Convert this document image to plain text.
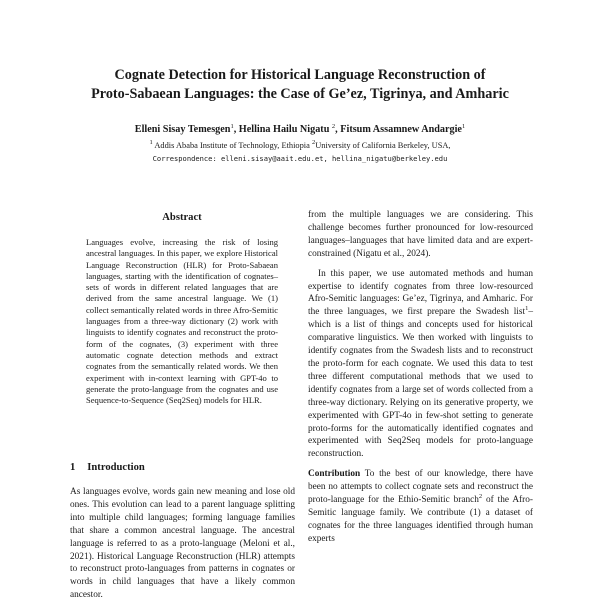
Cognate Detection for Historical Language Reconstruction of
Proto-Sabaean Languages: the Case of Ge’ez, Tigrinya, and Amharic
Elleni Sisay Temesgen$^1$, Hellina Hailu Nigatu $^2$, Fitsum Assamnew Andargie$^1$
$^1$ Addis Ababa Institute of Technology, Ethiopia $^2$University of California Berkeley, USA,
Correspondence: elleni.sisay@aait.edu.et, hellina_nigatu@berkeley.edu
Abstract

Languages evolve, increasing the risk of losing ancestral languages. In this paper, we explore Historical Language Reconstruction (HLR) for Proto-Sabaean languages, starting with the identification of cognates–sets of words in different related languages that are derived from the same ancestral language. We (1) collect semantically related words in three Afro-Semitic languages from a three-way dictionary (2) work with linguists to identify cognates and reconstruct the proto-form of the cognates, (3) experiment with three automatic cognate detection methods and extract cognates from the semantically related words. We then experiment with in-context learning with GPT-4o to generate the proto-language from the cognates and use Sequence-to-Sequence (Seq2Seq) models for HLR.

1 Introduction

As languages evolve, words gain new meaning and lose old ones. This evolution can lead to a parent language splitting into multiple child languages; forming language families that share a common ancestral language. The ancestral language is referred to as a proto-language (Meloni et al., 2021). Historical Language Reconstruction (HLR) attempts to reconstruct proto-languages from patterns in cognates or words in child languages that have a likely common ancestor.

from the multiple languages we are considering. This challenge becomes further pronounced for low-resourced languages–languages that have limited data and are expert-constrained (Nigatu et al., 2024).

In this paper, we use automated methods and human expertise to identify cognates from three low-resourced Afro-Semitic languages: Ge’ez, Tigrinya, and Amharic. For the three languages, we first prepare the Swadesh list$^1$–which is a list of things and concepts used for historical comparative linguistics. We then worked with linguists to identify cognates from the Swadesh lists and to reconstruct the proto-form for each cognate. We used this data to test three different computational methods that we used to identify cognates from a large set of words collected from a three-way dictionary. Relying on its generative property, we experimented with GPT-4o in few-shot setting to generate proto-forms for the automatically identified cognates and experimented with Seq2Seq models for proto-language reconstruction.

Contribution To the best of our knowledge, there have been no attempts to collect cognate sets and reconstruct the proto-language for the Ethio-Semitic branch$^2$ of the Afro-Semitic language family. We contribute (1) a dataset of cognates for the three languages identified through human experts
